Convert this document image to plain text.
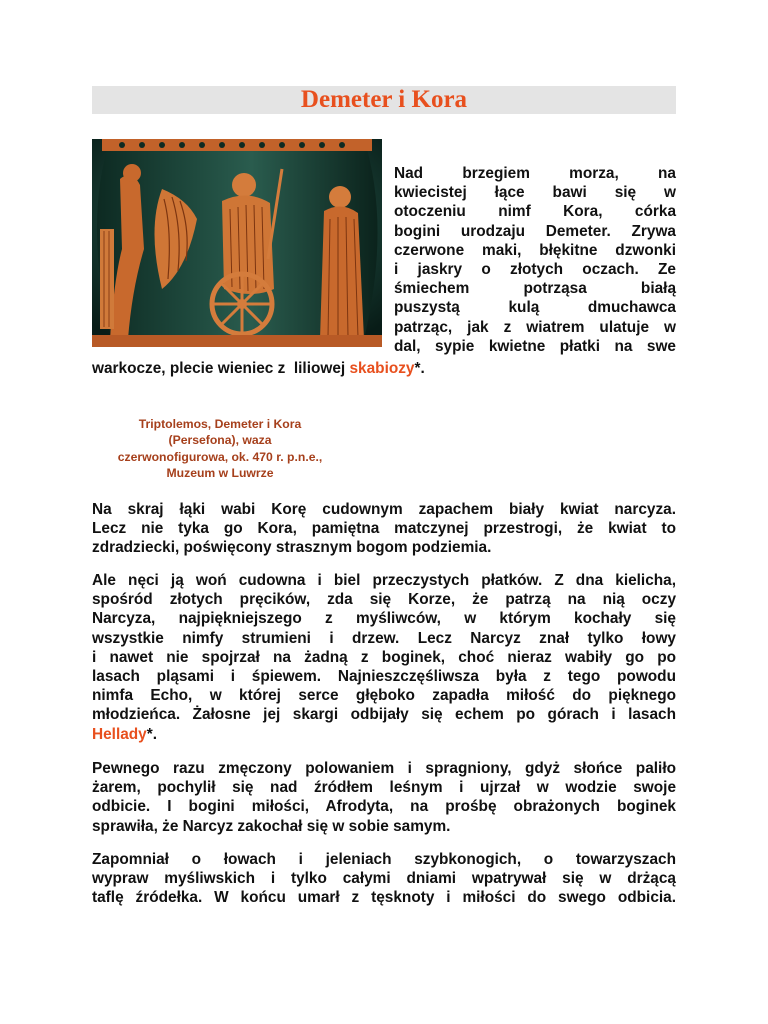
Demeter i Kora
Nad brzegiem morza, na
kwiecistej łące bawi się w
otoczeniu nimf Kora, córka
bogini urodzaju Demeter. Zrywa
czerwone maki, błękitne dzwonki
i jaskry o złotych oczach. Ze
śmiechem potrząsa białą
puszystą kulą dmuchawca
patrząc, jak z wiatrem ulatuje w
dal, sypie kwietne płatki na swe
warkocze, plecie wieniec z  liliowej skabiozy*.
Triptolemos, Demeter i Kora
(Persefona), waza
czerwonofigurowa, ok. 470 r. p.n.e.,
Muzeum w Luwrze
Na skraj łąki wabi Korę cudownym zapachem biały kwiat narcyza.
Lecz nie tyka go Kora, pamiętna matczynej przestrogi, że kwiat to
zdradziecki, poświęcony strasznym bogom podziemia.
Ale nęci ją woń cudowna i biel przeczystych płatków. Z dna kielicha,
spośród złotych pręcików, zda się Korze, że patrzą na nią oczy
Narcyza, najpiękniejszego z myśliwców, w którym kochały się
wszystkie nimfy strumieni i drzew. Lecz Narcyz znał tylko łowy
i nawet nie spojrzał na żadną z boginek, choć nieraz wabiły go po
lasach pląsami i śpiewem. Najnieszczęśliwsza była z tego powodu
nimfa Echo, w której serce głęboko zapadła miłość do pięknego
młodzieńca. Żałosne jej skargi odbijały się echem po górach i lasach
Hellady*.
Pewnego razu zmęczony polowaniem i spragniony, gdyż słońce paliło
żarem, pochylił się nad źródłem leśnym i ujrzał w wodzie swoje
odbicie. I bogini miłości, Afrodyta, na prośbę obrażonych boginek
sprawiła, że Narcyz zakochał się w sobie samym.
Zapomniał o łowach i jeleniach szybkonogich, o towarzyszach
wypraw myśliwskich i tylko całymi dniami wpatrywał się w drżącą
taflę źródełka. W końcu umarł z tęsknoty i miłości do swego odbicia.
